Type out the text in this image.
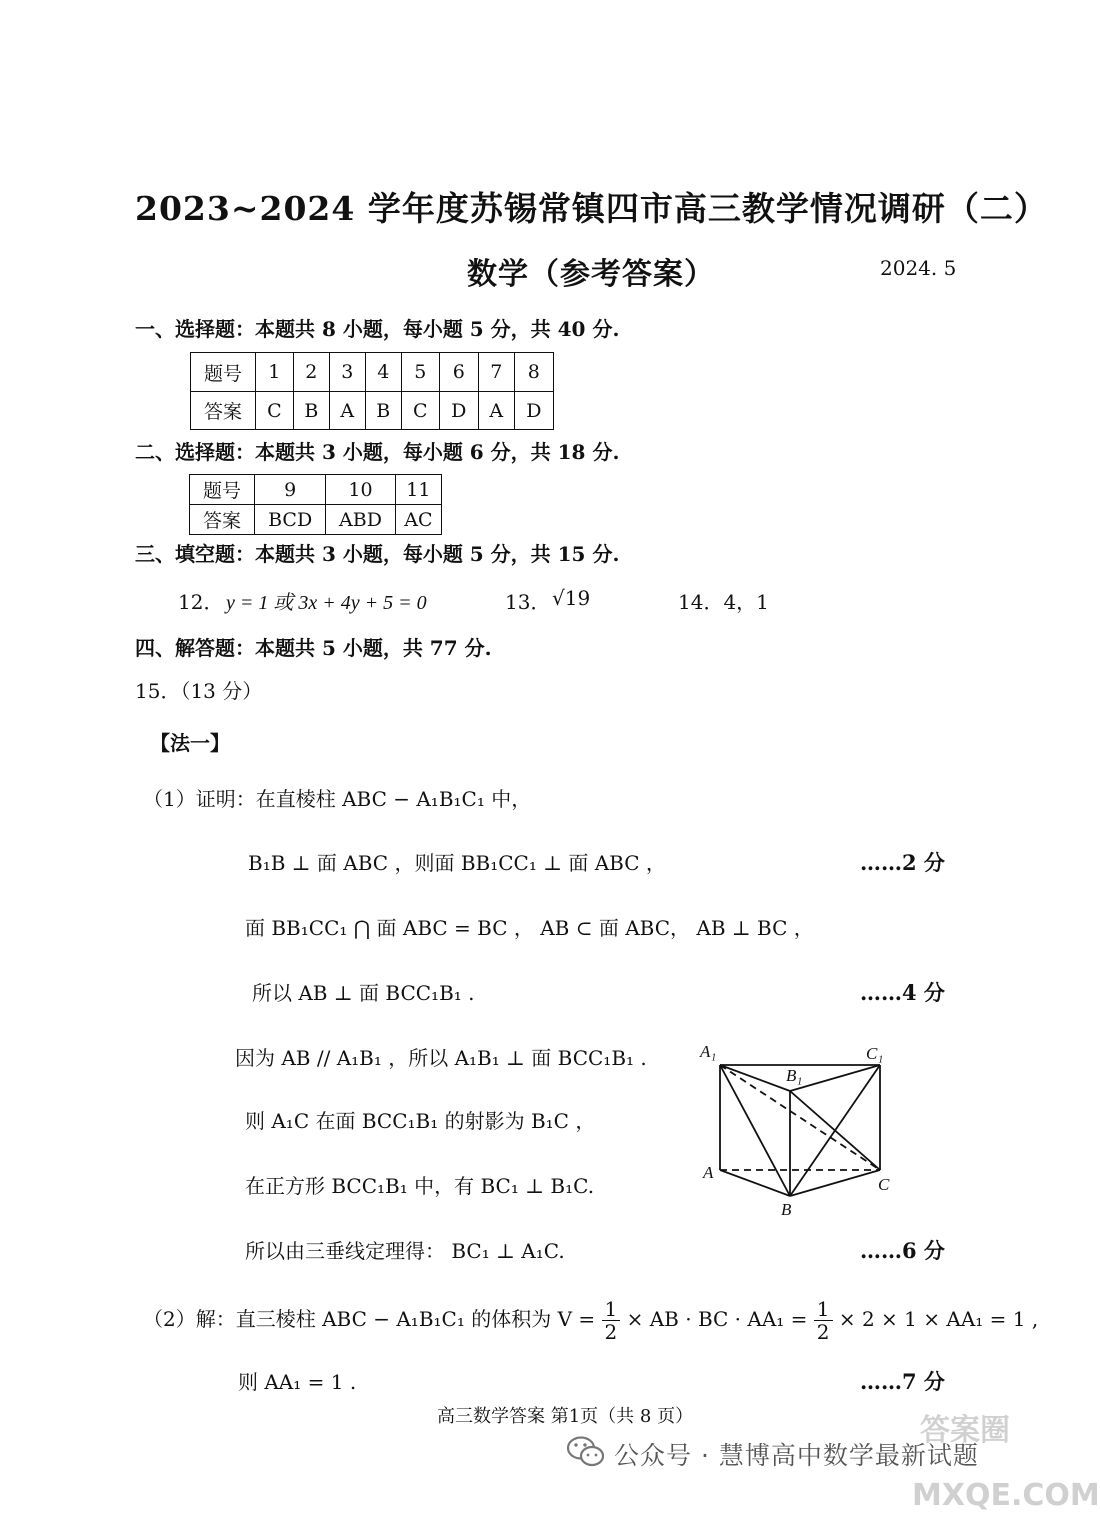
2023~2024 学年度苏锡常镇四市高三教学情况调研（二）
数学（参考答案）	2024. 5
一、选择题：本题共 8 小题，每小题 5 分，共 40 分.
题号	1	2	3	4	5	6	7	8
答案	C	B	A	B	C	D	A	D
二、选择题：本题共 3 小题，每小题 6 分，共 18 分.
题号	9	10	11
答案	BCD	ABD	AC
三、填空题：本题共 3 小题，每小题 5 分，共 15 分.
12． y = 1 或 3x + 4y + 5 = 0	13． √19	14．4，1
四、解答题：本题共 5 小题，共 77 分.
15．（13 分）
【法一】
（1）证明：在直棱柱 ABC − A₁B₁C₁ 中，
B₁B ⊥ 面 ABC ，则面 BB₁CC₁ ⊥ 面 ABC ，	……2 分
面 BB₁CC₁ ⋂ 面 ABC = BC ， AB ⊂ 面 ABC， AB ⊥ BC ，
所以 AB ⊥ 面 BCC₁B₁ .	……4 分
因为 AB // A₁B₁ ，所以 A₁B₁ ⊥ 面 BCC₁B₁ .
则 A₁C 在面 BCC₁B₁ 的射影为 B₁C ，
在正方形 BCC₁B₁ 中，有 BC₁ ⊥ B₁C.
所以由三垂线定理得： BC₁ ⊥ A₁C.	……6 分
（2）解：直三棱柱 ABC − A₁B₁C₁ 的体积为 $V = \frac{1}{2}$ × AB · BC · $AA_1 = \frac{1}{2} \times 2 \times 1 \times AA_1 = 1$ ,
则 AA₁ = 1 .	……7 分
A₁	C₁
B₁
A
C
B
高三数学答案 第1页（共 8 页）
公众号 · 慧博高中数学最新试题
答案圈
MXQE.COM
